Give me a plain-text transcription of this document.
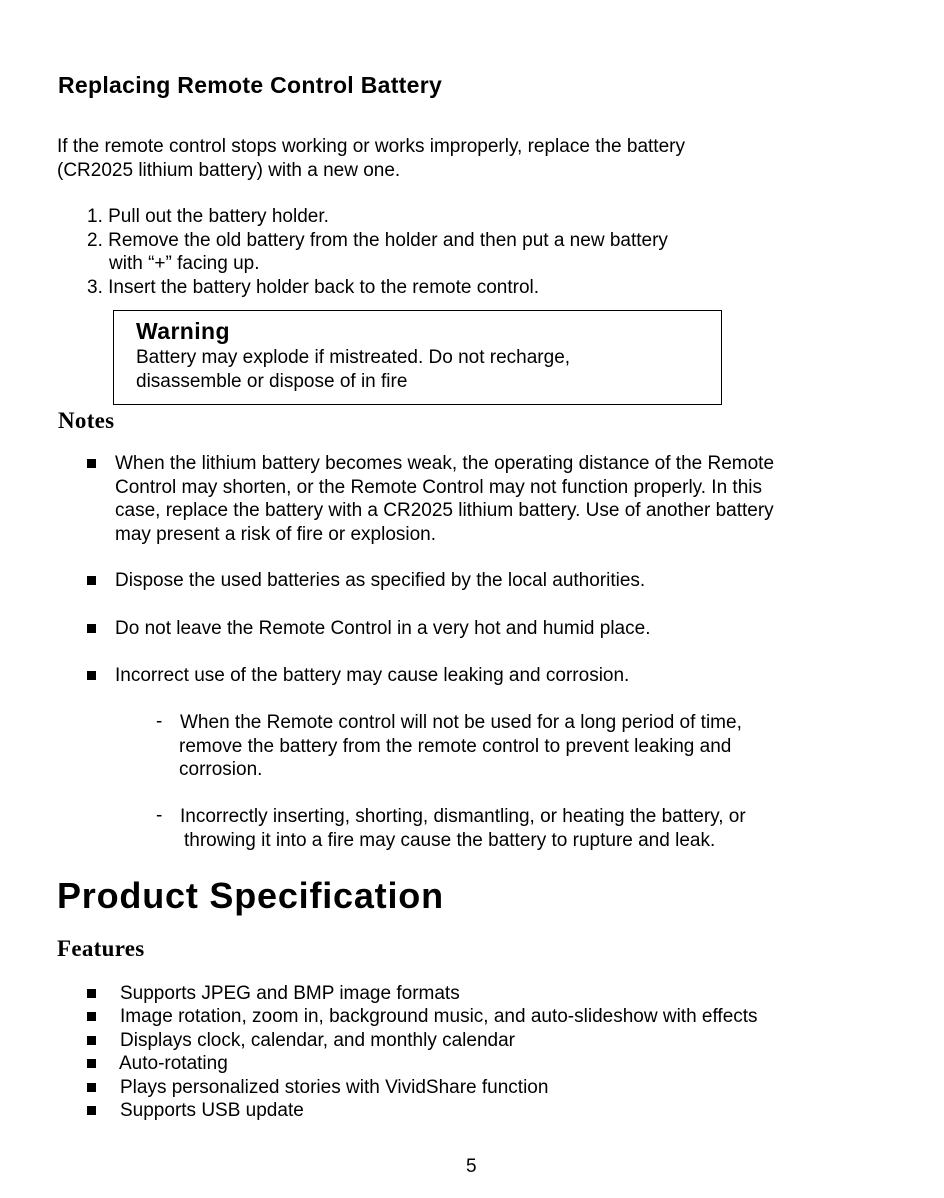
Replacing Remote Control Battery
If the remote control stops working or works improperly, replace the battery
(CR2025 lithium battery) with a new one.
1. Pull out the battery holder.
2. Remove the old battery from the holder and then put a new battery
with “+” facing up.
3. Insert the battery holder back to the remote control.
Warning
Battery may explode if mistreated. Do not recharge,
disassemble or dispose of in fire
Notes
When the lithium battery becomes weak, the operating distance of the Remote
Control may shorten, or the Remote Control may not function properly. In this
case, replace the battery with a CR2025 lithium battery. Use of another battery
may present a risk of fire or explosion.
Dispose the used batteries as specified by the local authorities.
Do not leave the Remote Control in a very hot and humid place.
Incorrect use of the battery may cause leaking and corrosion.
- When the Remote control will not be used for a long period of time,
remove the battery from the remote control to prevent leaking and
corrosion.
- Incorrectly inserting, shorting, dismantling, or heating the battery, or
throwing it into a fire may cause the battery to rupture and leak.
Product Specification
Features
Supports JPEG and BMP image formats
Image rotation, zoom in, background music, and auto-slideshow with effects
Displays clock, calendar, and monthly calendar
Auto-rotating
Plays personalized stories with VividShare function
Supports USB update
5
